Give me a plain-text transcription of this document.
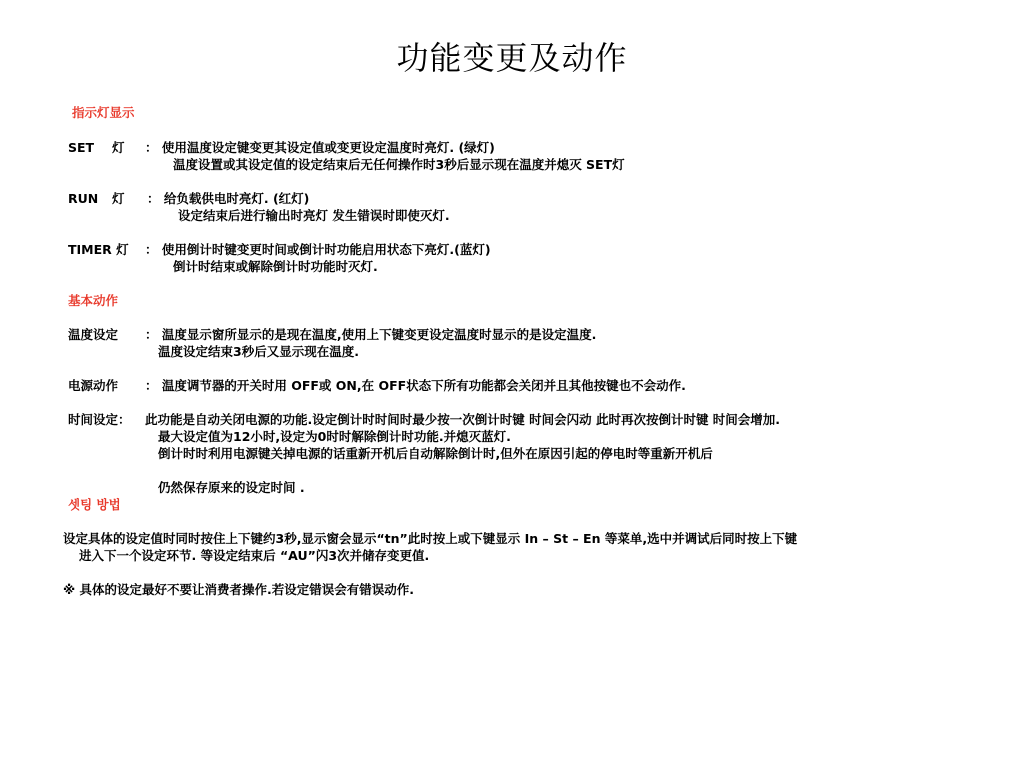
功能变更及动作
指示灯显示
SET 灯 ： 使用温度设定键变更其设定值或变更设定温度时亮灯. (绿灯)
温度设置或其设定值的设定结束后无任何操作时3秒后显示现在温度并熄灭 SET灯
RUN 灯 ： 给负载供电时亮灯. (红灯)
设定结束后进行输出时亮灯 发生错误时即使灭灯.
TIMER 灯 ： 使用倒计时键变更时间或倒计时功能启用状态下亮灯.(蓝灯)
倒计时结束或解除倒计时功能时灭灯.
基本动作
温度设定 ： 温度显示窗所显示的是现在温度,使用上下键变更设定温度时显示的是设定温度.
温度设定结束3秒后又显示现在温度.
电源动作 ： 温度调节器的开关时用 OFF或 ON,在 OFF状态下所有功能都会关闭并且其他按键也不会动作.
时间设定： 此功能是自动关闭电源的功能.设定倒计时时间时最少按一次倒计时键 时间会闪动 此时再次按倒计时键 时间会增加.
最大设定值为12小时,设定为0时时解除倒计时功能.并熄灭蓝灯.
倒计时时利用电源键关掉电源的话重新开机后自动解除倒计时,但外在原因引起的停电时等重新开机后
仍然保存原来的设定时间 .
셋팅 방법
设定具体的设定值时同时按住上下键约3秒,显示窗会显示“tn”此时按上或下键显示 In – St – En 等菜单,选中并调试后同时按上下键
进入下一个设定环节. 等设定结束后 “AU”闪3次并储存变更值.
※ 具体的设定最好不要让消费者操作.若设定错误会有错误动作.
